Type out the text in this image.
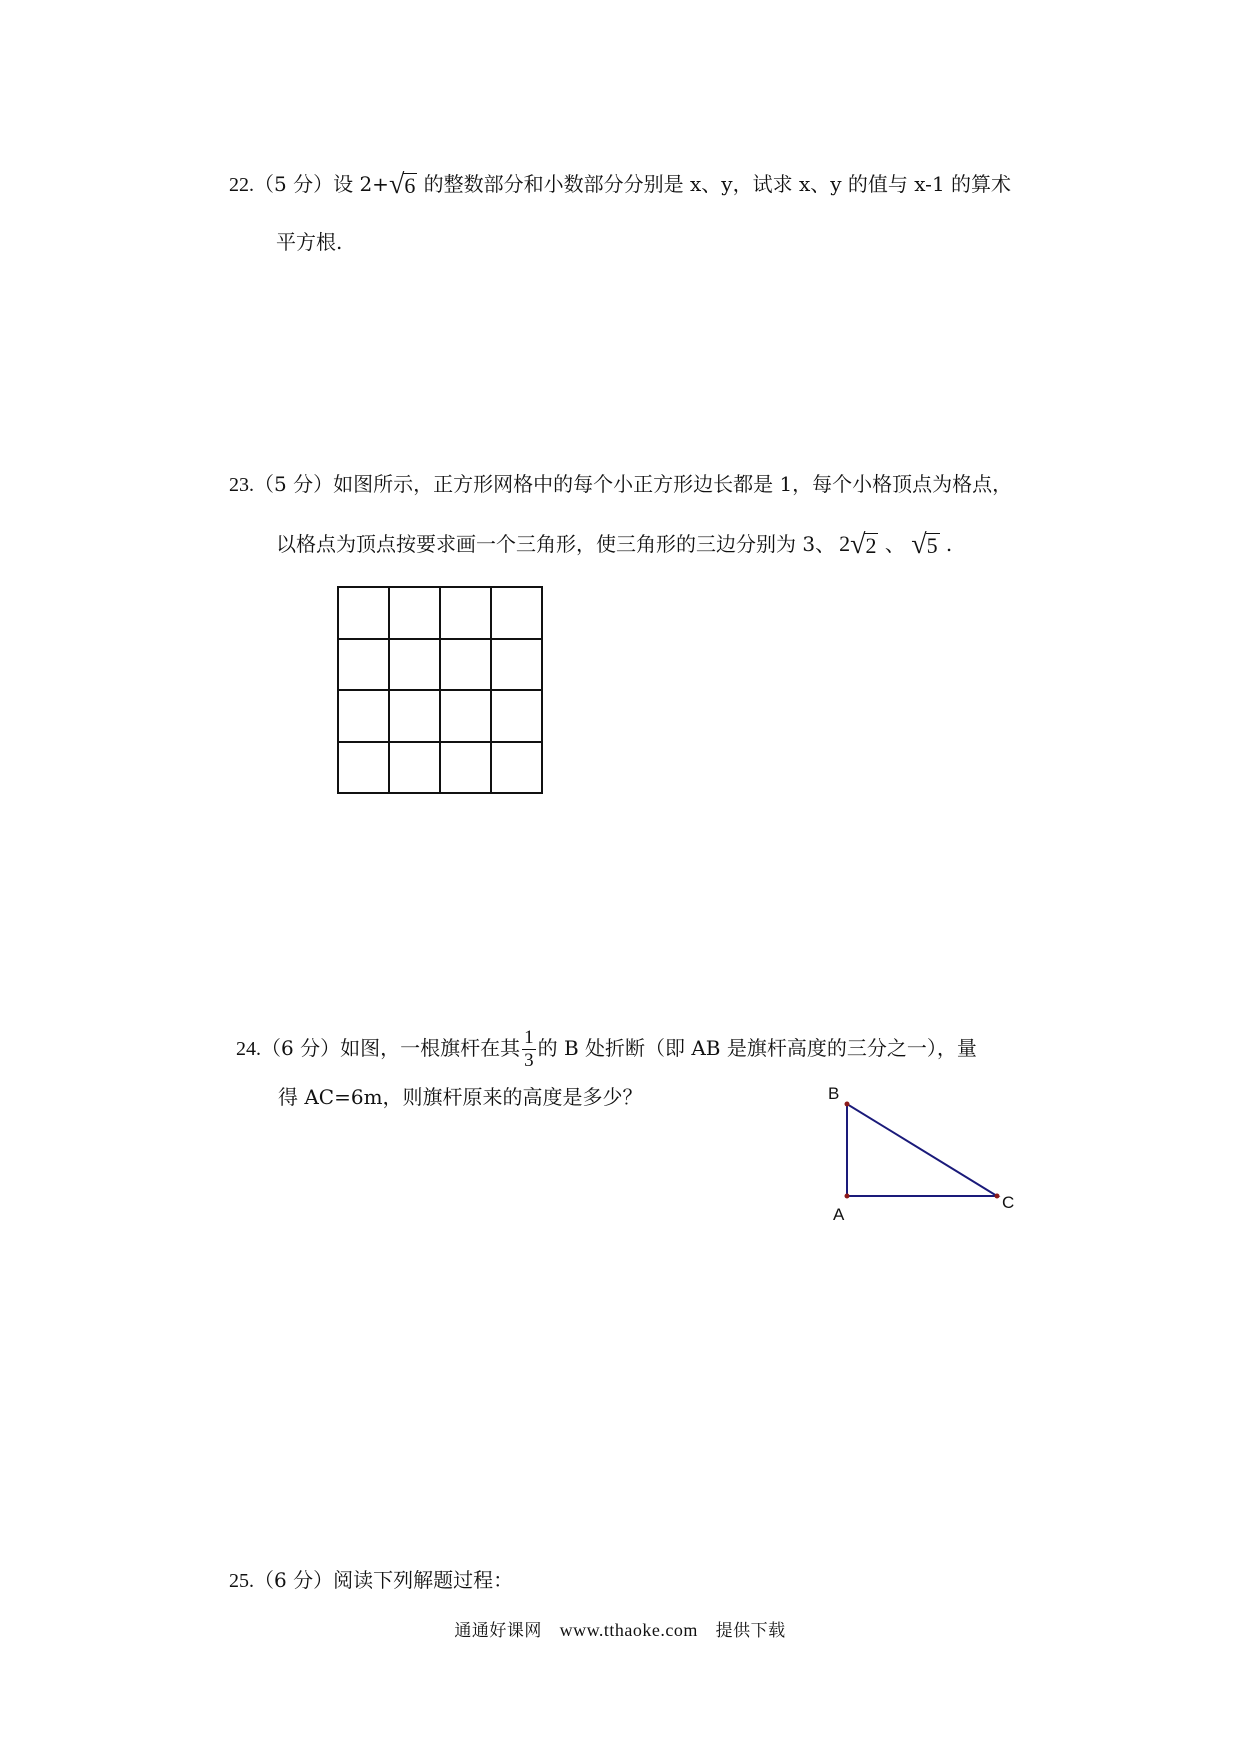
22.（5 分）设 2+ √ 6 的整数部分和小数部分分别是 x、y，试求 x、y 的值与 x-1 的算术
平方根.
23.（5 分）如图所示，正方形网格中的每个小正方形边长都是 1，每个小格顶点为格点，
以格点为顶点按要求画一个三角形，使三角形的三边分别为 3、 2 √ 2 、 √ 5 .
24.（6 分）如图，一根旗杆在其 $\frac{1}{3}$ 的 B 处折断（即 AB 是旗杆高度的三分之一），量
得 AC=6m，则旗杆原来的高度是多少？	B
A
C
25.（6 分）阅读下列解题过程：
通通好课网 www.tthaoke.com 提供下载
